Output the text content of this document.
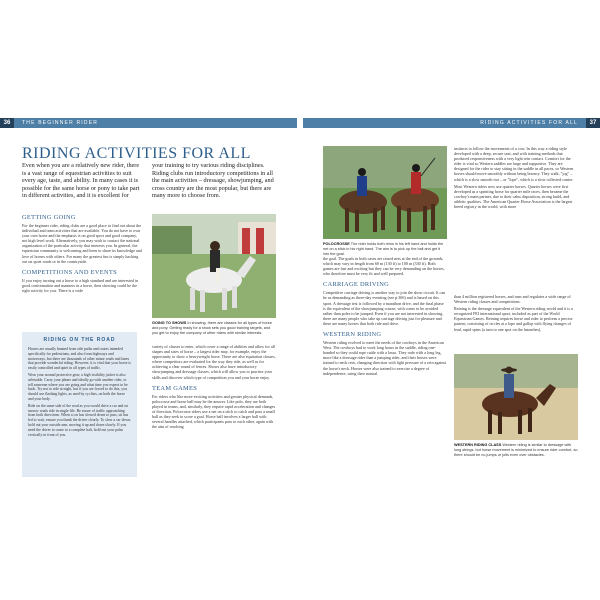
36	THE BEGINNER RIDER	RIDING ACTIVITIES FOR ALL	37
RIDING ACTIVITIES FOR ALL
Even when you are a relatively new rider, there is a vast range of equestrian activities to suit every age, taste, and ability. In many cases it is possible for the same horse or pony to take part in different activities, and it is excellent for
your training to try various riding disciplines. Riding clubs run introductory competitions in all the main activities – dressage, showjumping, and cross country are the most popular, but there are many more to choose from.
GETTING GOING
For the beginner rider, riding clubs are a good place to find out about the individual and team activities that are available. You do not have to own your own horse and the emphasis is on good sport and good company, not high level work. Alternatively, you may wish to contact the national organization of the particular activity that interests you. In general, the equestrian community is welcoming and keen to share its knowledge and love of horses with others. For many the greatest fun is simply hacking out on quiet roads or in the countryside.
COMPETITIONS AND EVENTS
If you enjoy turning out a horse to a high standard and are interested in good conformation and manners in a horse, then showing could be the right activity for you. There is a wide
RIDING ON THE ROAD
Horses are usually banned from ride paths and routes intended specifically for pedestrians, and also from highways and motorways, but there are thousands of other minor roads and lanes that provide wonderful riding. However, it is vital that your horse is easily controlled and quiet in all types of traffic.
Wear your normal protective gear; a high visibility jacket is also advisable. Carry your phone and ideally go with another rider, or tell someone where you are going and what time you expect to be back. Try not to ride at night, but if you are forced to do this, you should use flashing lights, as used by cyclists, on both the horse and your body.
Ride on the same side of the road as you would drive a car and on narrow roads ride in single file. Be aware of traffic approaching from both directions. When a car has slowed down to pass, sit has led to wait, ensure you thank the driver clearly. To slow a car down, hold out your outside arm, moving it up and down slowly. If you need the driver to come to a complete halt, hold out your palm vertically in front of you.
GOING TO SHOWS In showing, there are classes for all types of horse and pony. Getting ready for a show sets you good training targets, and you get to enjoy the company of other riders with similar interests.
variety of classes to enter, which cover a range of abilities and allow for all shapes and sizes of horse – a largest rider may, for example, enjoy the opportunity to show a heavyweight horse. There are also equitation classes, where competitors are evaluated for the way they ride, as well as for achieving a clear round of fences. Shows also have introductory showjumping and dressage classes, which will allow you to practise your skills and discover which type of competition you and your horse enjoy.
TEAM GAMES
For riders who like more exciting activities and greater physical demands, polocrosse and horse ball may be the answer. Like polo, they are both played in teams, and, similarly, they require rapid acceleration and changes of direction. Polocrosse riders use a net on a stick to catch and pass a small ball as they seek to score a goal. Horse ball involves a larger ball with several handles attached, which participants pass to each other, again with the aim of reaching
POLOCROSSE The rider holds both reins in his left hand and holds the net on a stick in his right hand. The aim is to pick up the ball and get it into the goal.
the goal. The goals in both cases are raised nets at the end of the grounds, which may vary in length from 60 m (130 ft) to 100 m (330 ft). Both games are fast and exciting but they can be very demanding on the horses, who therefore must be very fit and well prepared.
CARRIAGE DRIVING
Competitive carriage driving is another way to join the show circuit. It can be as demanding as three-day eventing (see p.306) and is based on this sport. A dressage test is followed by a marathon drive, and the final phase is the equivalent of the showjumping course, with cones to be avoided rather than poles to be jumped. Even if you are not interested in showing, there are many people who take up carriage driving just for pleasure and there are many horses that both ride and drive.
WESTERN RIDING
Western riding evolved to meet the needs of the cowboys in the American West. The cowboys had to work long hours in the saddle, riding one-handed so they could rope cattle with a lasso. They rode with a long leg, more like a dressage rider than a jumping rider, and their horses were trained to neck rein, changing direction with light pressure of a rein against the horse's neck. Horses were also trained to exercise a degree of independence, using their natural
instincts to follow the movements of a cow. In this way a riding style developed with a deep, secure seat, and with training methods that produced responsiveness with a very light rein contact. Comfort for the rider is vital so Western saddles are large and supportive. They are designed for the rider to stay sitting in the saddle in all paces, so Western horses should move smoothly without being bouncy. They walk, "jog" – which is a slow smooth trot – or "lope", which is a slow collected canter.
Most Western riders now use quarter horses. Quarter horses were first developed as a sprinting horse for quarter mile races, then became the cowboy's main partner, due to their calm disposition, strong build, and athletic qualities. The American Quarter Horse Association is the largest breed registry in the world, with more
than 4 million registered horses, and runs and regulates a wide range of Western riding classes and competitions.
Reining is the dressage equivalent of the Western riding world and it is a recognized FEI international sport, included as part of the World Equestrian Games. Reining requires horse and rider to perform a precise pattern, consisting of circles at a lope and gallop with flying changes of lead, rapid spins (a turn to one spot on the haunches),
WESTERN RIDING CLASS Western riding is similar to dressage with long strings, but horse movement is minimized to ensure rider comfort, so there should be no jumps or jolts even over obstacles.
